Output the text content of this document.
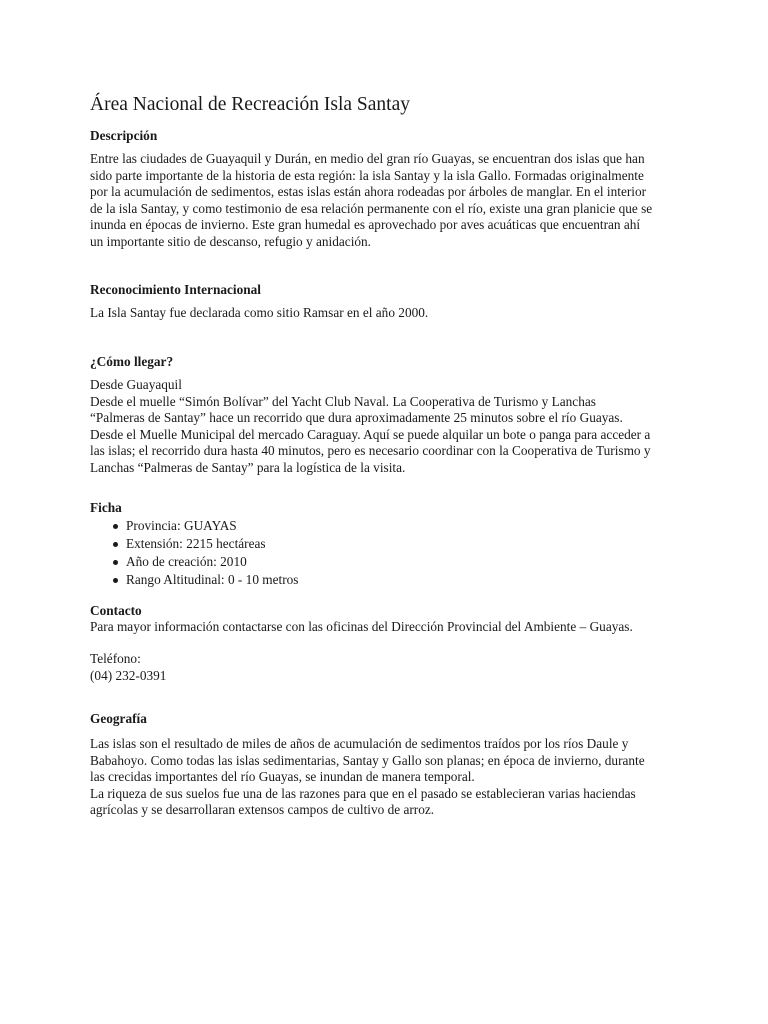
Área Nacional de Recreación Isla Santay
Descripción

Entre las ciudades de Guayaquil y Durán, en medio del gran río Guayas, se encuentran dos islas que han
sido parte importante de la historia de esta región: la isla Santay y la isla Gallo. Formadas originalmente
por la acumulación de sedimentos, estas islas están ahora rodeadas por árboles de manglar. En el interior
de la isla Santay, y como testimonio de esa relación permanente con el río, existe una gran planicie que se
inunda en épocas de invierno. Este gran humedal es aprovechado por aves acuáticas que encuentran ahí
un importante sitio de descanso, refugio y anidación.

Reconocimiento Internacional

La Isla Santay fue declarada como sitio Ramsar en el año 2000.

¿Cómo llegar?

Desde Guayaquil
Desde el muelle “Simón Bolívar” del Yacht Club Naval. La Cooperativa de Turismo y Lanchas
“Palmeras de Santay” hace un recorrido que dura aproximadamente 25 minutos sobre el río Guayas.
Desde el Muelle Municipal del mercado Caraguay. Aquí se puede alquilar un bote o panga para acceder a
las islas; el recorrido dura hasta 40 minutos, pero es necesario coordinar con la Cooperativa de Turismo y
Lanchas “Palmeras de Santay” para la logística de la visita.

Ficha
Provincia: GUAYAS
Extensión: 2215 hectáreas
Año de creación: 2010
Rango Altitudinal: 0 - 10 metros
Contacto

Para mayor información contactarse con las oficinas del Dirección Provincial del Ambiente – Guayas.

Teléfono:
(04) 232-0391

Geografía

Las islas son el resultado de miles de años de acumulación de sedimentos traídos por los ríos Daule y
Babahoyo. Como todas las islas sedimentarias, Santay y Gallo son planas; en época de invierno, durante
las crecidas importantes del río Guayas, se inundan de manera temporal.
La riqueza de sus suelos fue una de las razones para que en el pasado se establecieran varias haciendas
agrícolas y se desarrollaran extensos campos de cultivo de arroz.
